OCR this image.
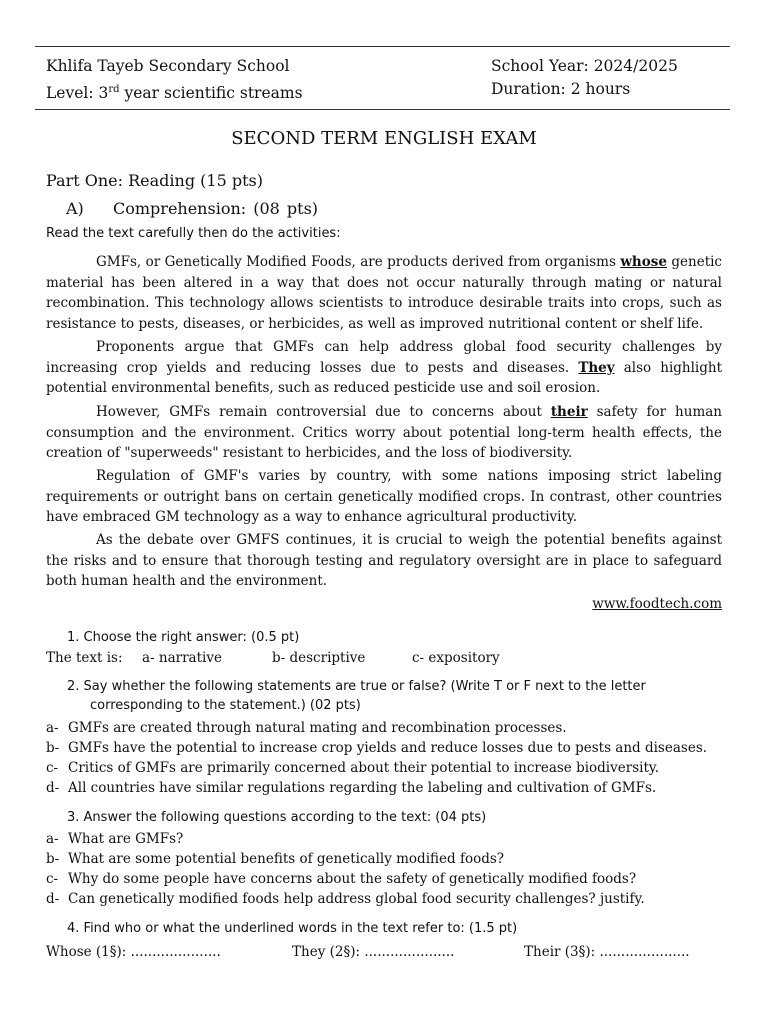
Khlifa Tayeb Secondary School
Level: 3rd year scientific streams
School Year: 2024/2025
Duration: 2 hours
SECOND TERM ENGLISH EXAM
Part One: Reading (15 pts)
A) Comprehension: (08 pts)
Read the text carefully then do the activities:

GMFs, or Genetically Modified Foods, are products derived from organisms whose genetic material has been altered in a way that does not occur naturally through mating or natural recombination. This technology allows scientists to introduce desirable traits into crops, such as resistance to pests, diseases, or herbicides, as well as improved nutritional content or shelf life.

Proponents argue that GMFs can help address global food security challenges by increasing crop yields and reducing losses due to pests and diseases. They also highlight potential environmental benefits, such as reduced pesticide use and soil erosion.

However, GMFs remain controversial due to concerns about their safety for human consumption and the environment. Critics worry about potential long-term health effects, the creation of "superweeds" resistant to herbicides, and the loss of biodiversity.

Regulation of GMF's varies by country, with some nations imposing strict labeling requirements or outright bans on certain genetically modified crops. In contrast, other countries have embraced GM technology as a way to enhance agricultural productivity.

As the debate over GMFS continues, it is crucial to weigh the potential benefits against the risks and to ensure that thorough testing and regulatory oversight are in place to safeguard both human health and the environment.

www.foodtech.com
1. Choose the right answer: (0.5 pt)
The text is: a- narrative	b- descriptive	c- expository
2. Say whether the following statements are true or false? (Write T or F next to the letter
corresponding to the statement.) (02 pts)
a- GMFs are created through natural mating and recombination processes.
b- GMFs have the potential to increase crop yields and reduce losses due to pests and diseases.
c- Critics of GMFs are primarily concerned about their potential to increase biodiversity.
d- All countries have similar regulations regarding the labeling and cultivation of GMFs.
3. Answer the following questions according to the text: (04 pts)
a- What are GMFs?
b- What are some potential benefits of genetically modified foods?
c- Why do some people have concerns about the safety of genetically modified foods?
d- Can genetically modified foods help address global food security challenges? justify.
4. Find who or what the underlined words in the text refer to: (1.5 pt)
Whose (1§): .....................	They (2§): .....................	Their (3§): .....................
